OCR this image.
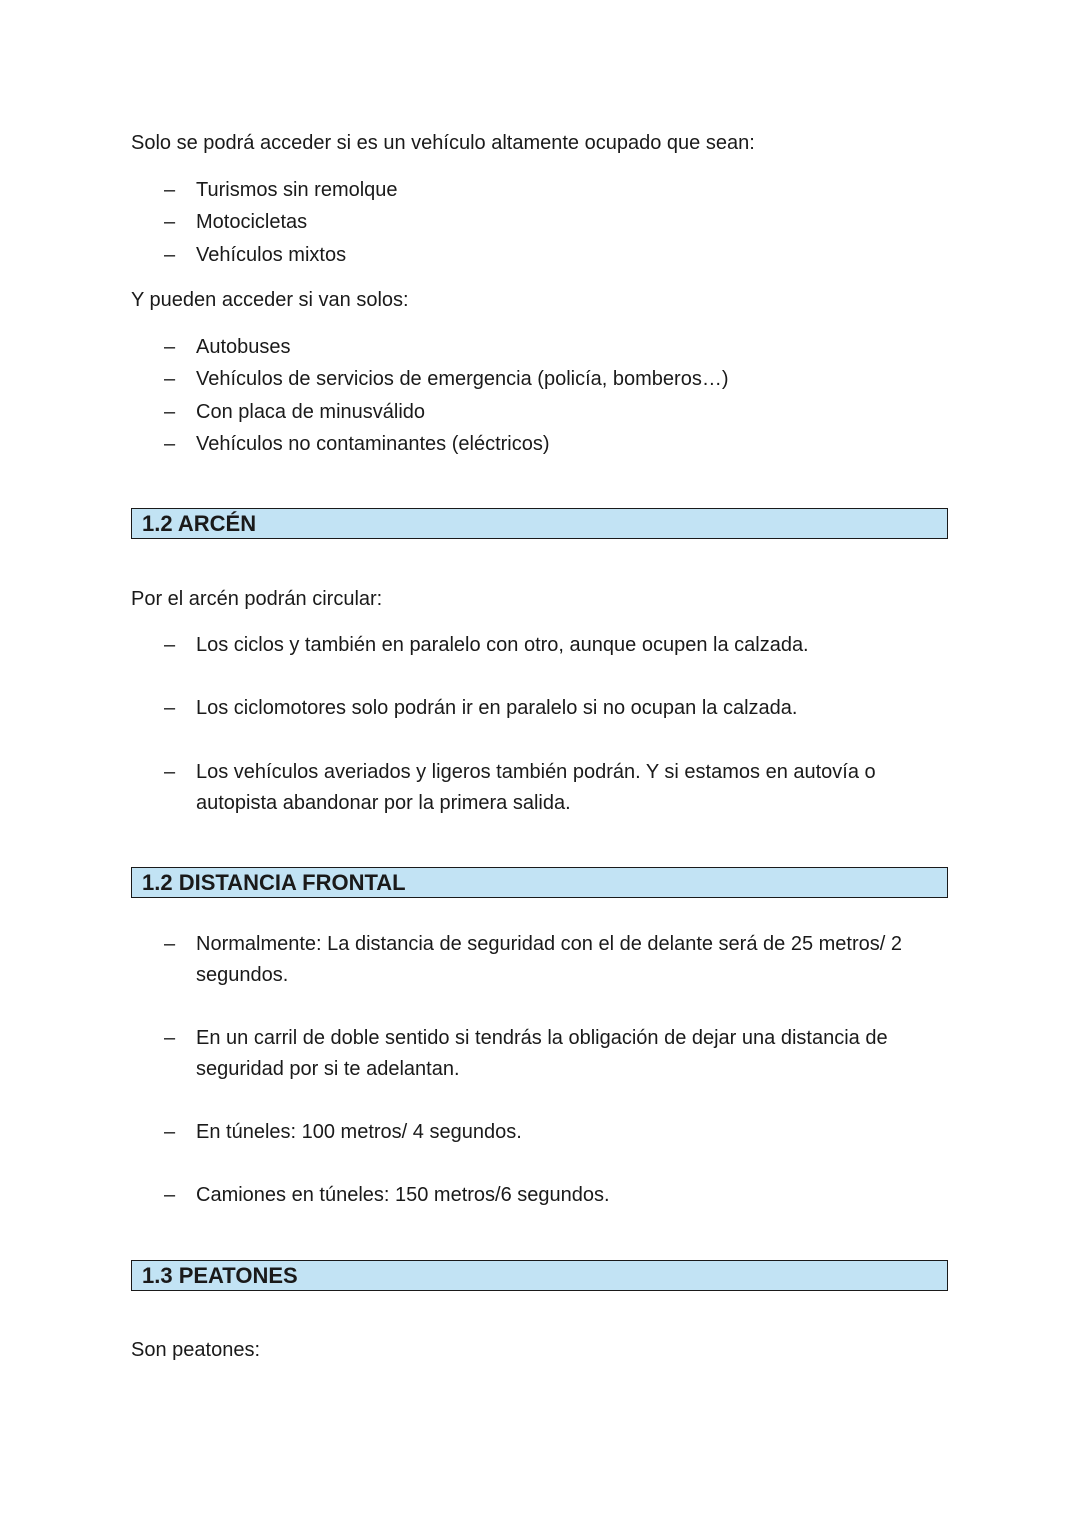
Solo se podrá acceder si es un vehículo altamente ocupado que sean:

–	Turismos sin remolque
–	Motocicletas
–	Vehículos mixtos

Y pueden acceder si van solos:

–	Autobuses
–	Vehículos de servicios de emergencia (policía, bomberos…)
–	Con placa de minusválido
–	Vehículos no contaminantes (eléctricos)
1.2 ARCÉN

Por el arcén podrán circular:

–	Los ciclos y también en paralelo con otro, aunque ocupen la calzada.
–	Los ciclomotores solo podrán ir en paralelo si no ocupan la calzada.
–	Los vehículos averiados y ligeros también podrán. Y si estamos en autovía o autopista abandonar por la primera salida.
1.2 DISTANCIA FRONTAL
–	Normalmente: La distancia de seguridad con el de delante será de 25 metros/ 2 segundos.
–	En un carril de doble sentido si tendrás la obligación de dejar una distancia de seguridad por si te adelantan.
–	En túneles: 100 metros/ 4 segundos.
–	Camiones en túneles: 150 metros/6 segundos.
1.3 PEATONES

Son peatones:
